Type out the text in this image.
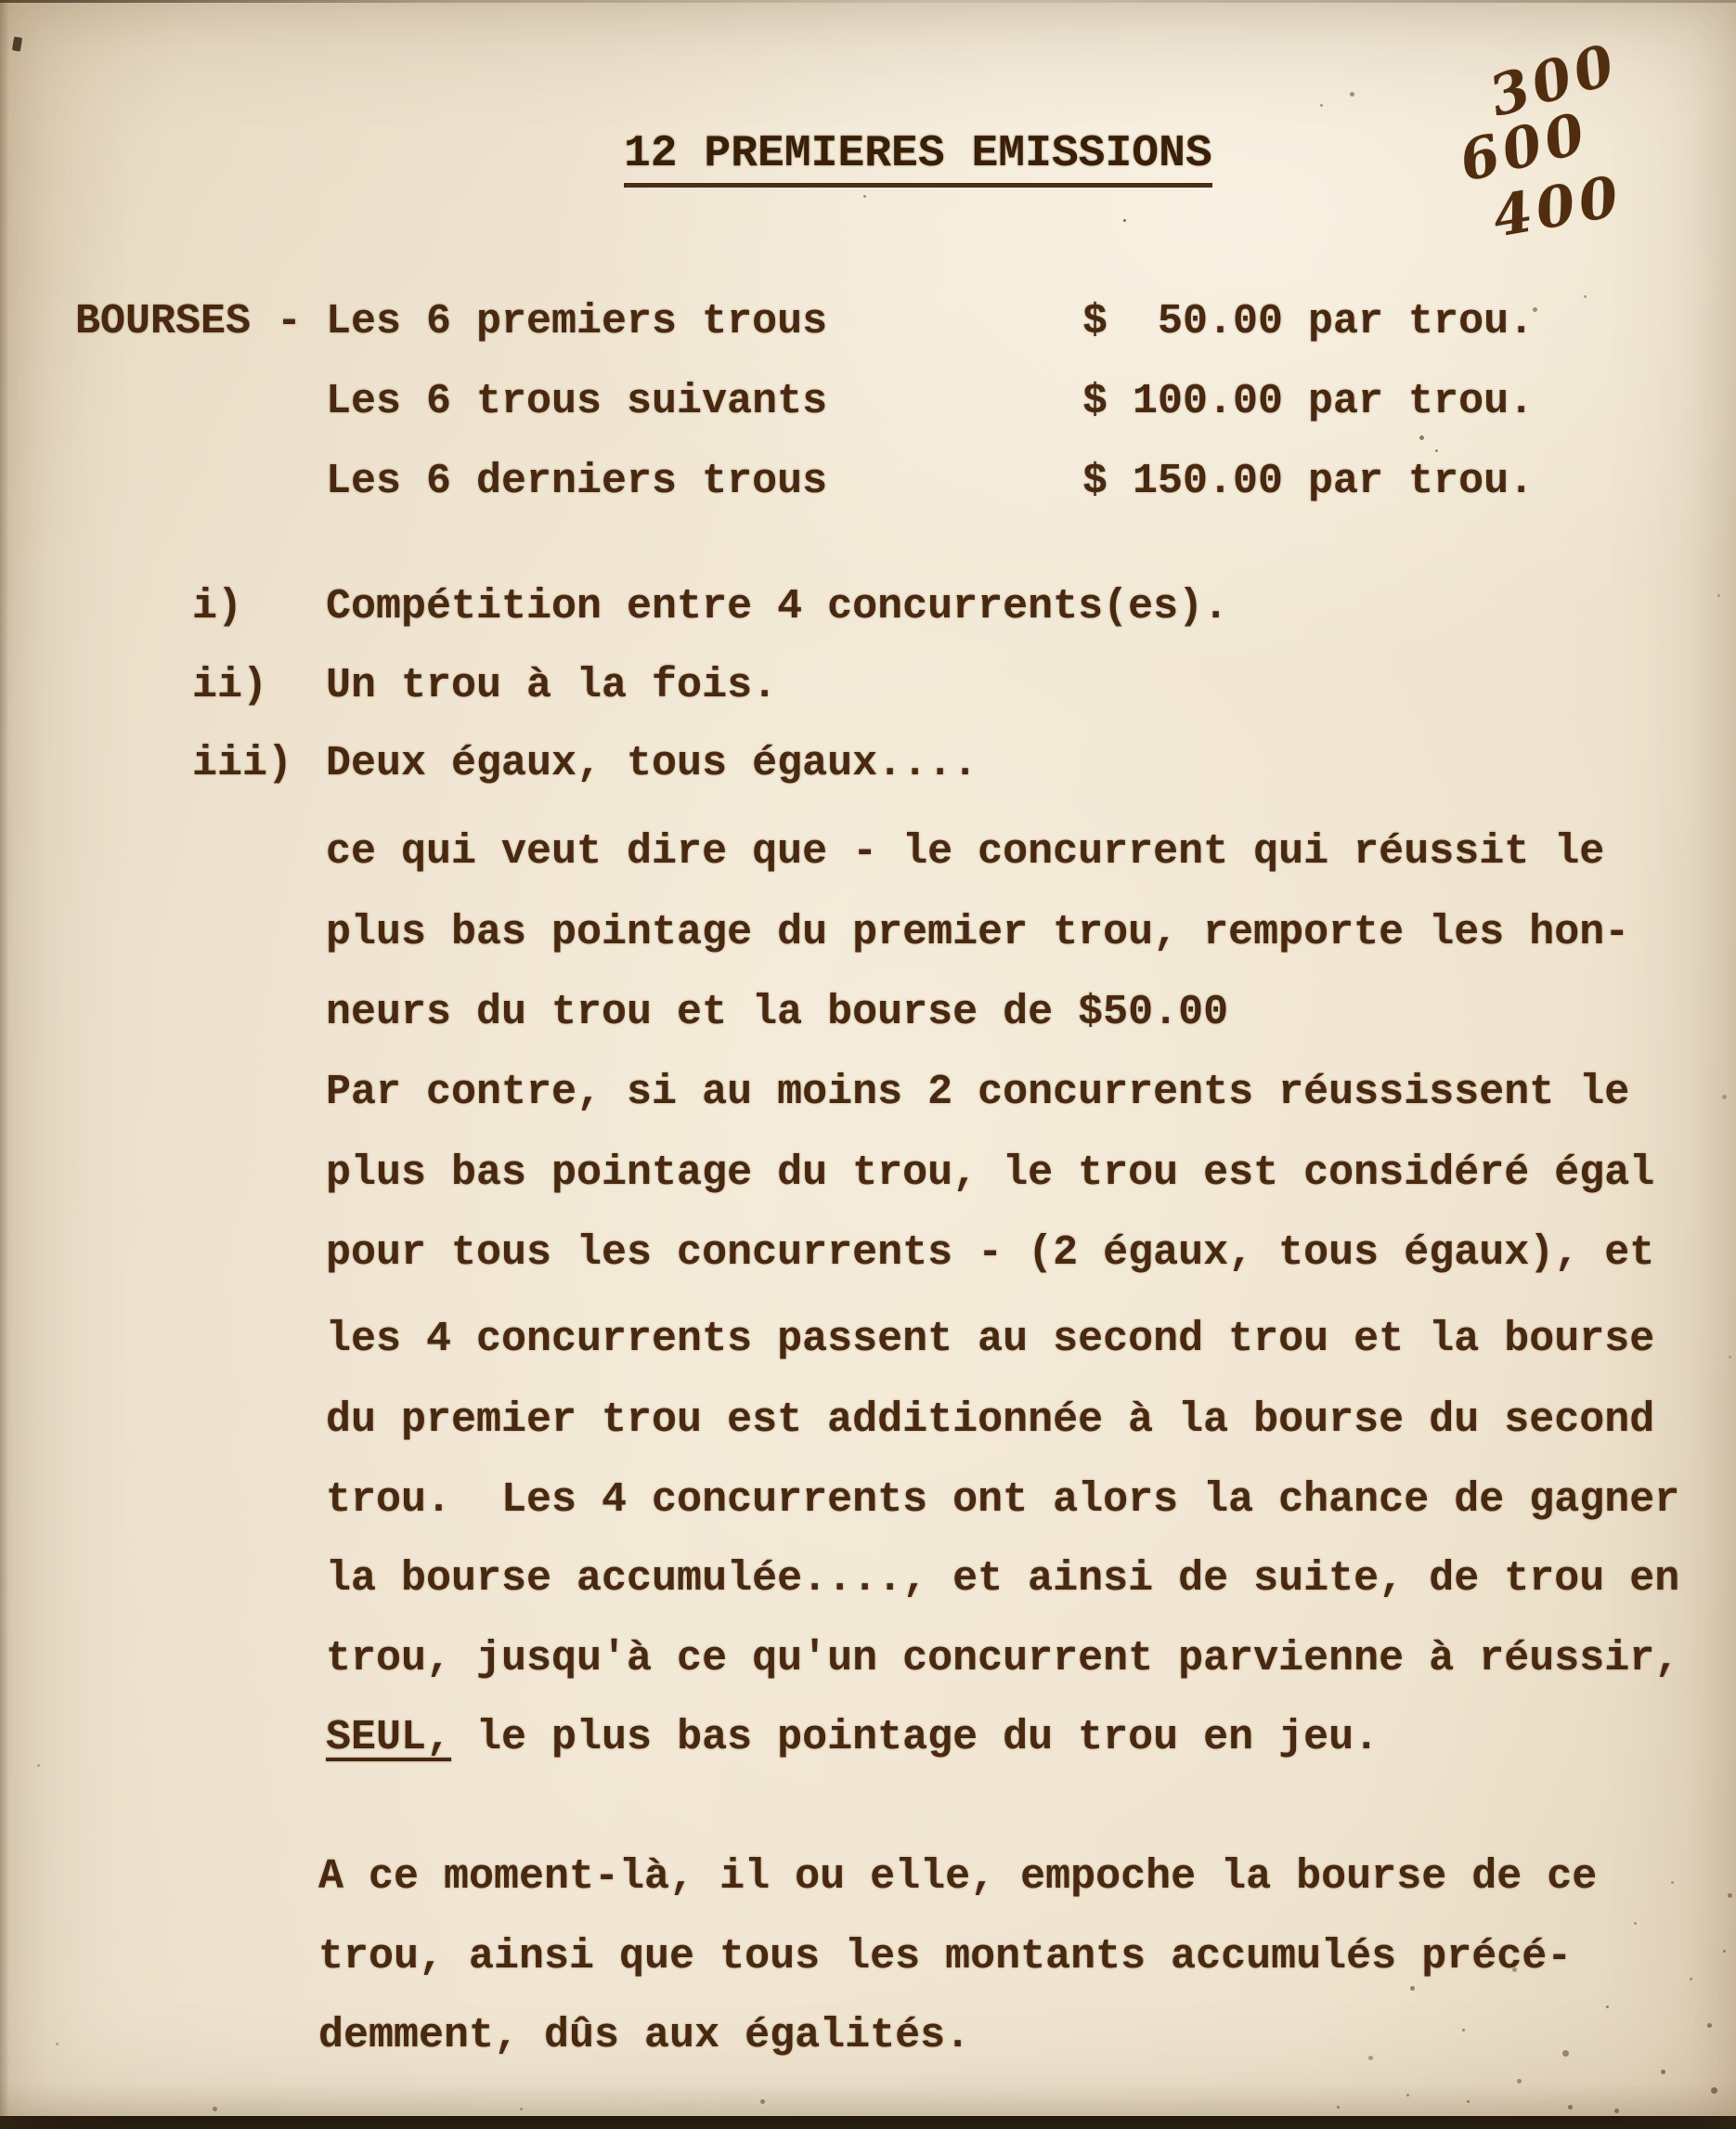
12 PREMIERES EMISSIONS
300
600
400
BOURSES - Les 6 premiers trous	$  50.00 par trou.
Les 6 trous suivants	$ 100.00 par trou.
Les 6 derniers trous	$ 150.00 par trou.
i) Compétition entre 4 concurrents(es).
ii) Un trou à la fois.
iii) Deux égaux, tous égaux....
ce qui veut dire que - le concurrent qui réussit le
plus bas pointage du premier trou, remporte les hon-
neurs du trou et la bourse de $50.00
Par contre, si au moins 2 concurrents réussissent le
plus bas pointage du trou, le trou est considéré égal
pour tous les concurrents - (2 égaux, tous égaux), et
les 4 concurrents passent au second trou et la bourse
du premier trou est additionnée à la bourse du second
trou.  Les 4 concurrents ont alors la chance de gagner
la bourse accumulée...., et ainsi de suite, de trou en
trou, jusqu'à ce qu'un concurrent parvienne à réussir,
SEUL, le plus bas pointage du trou en jeu.
A ce moment-là, il ou elle, empoche la bourse de ce
trou, ainsi que tous les montants accumulés précé-
demment, dûs aux égalités.
